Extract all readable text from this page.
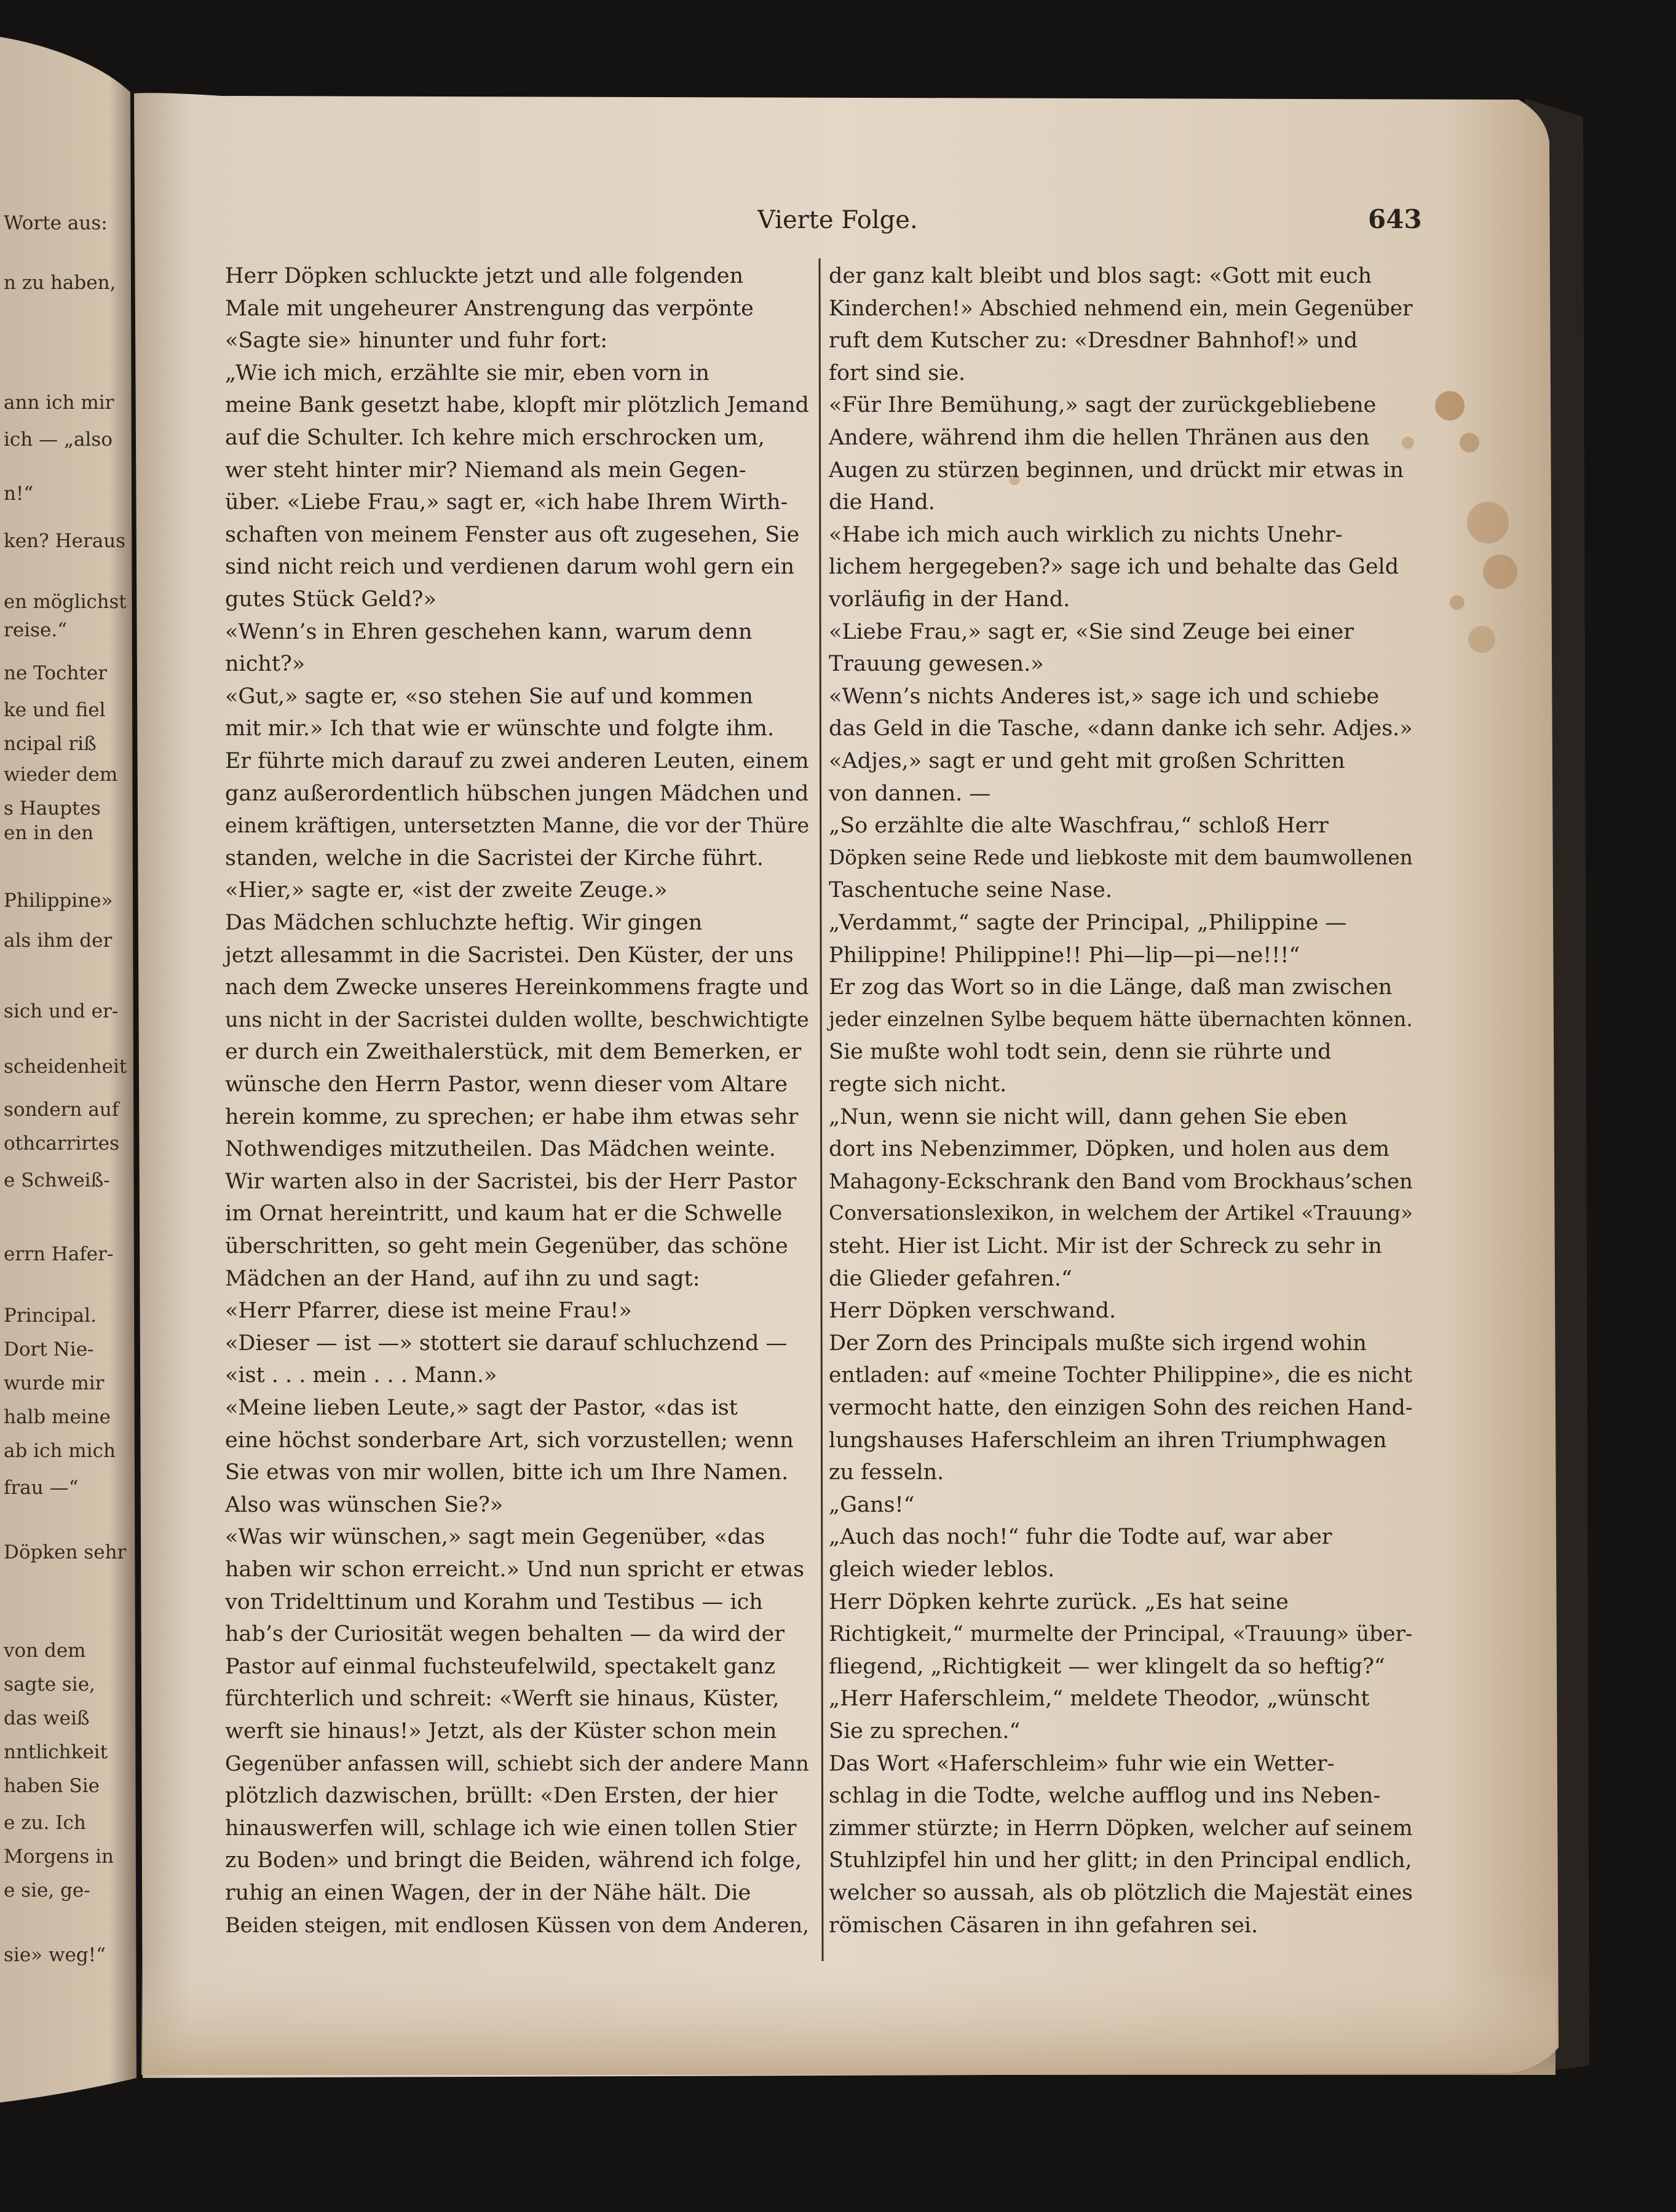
Vierte Folge.	643
Worte aus:
n zu haben,
ann ich mir
ich — „also
n!“
ken? Heraus
en möglichst
reise.“
ne Tochter
ke und fiel
ncipal riß
wieder dem
s Hauptes
en in den
Philippine»
als ihm der
sich und er-
scheidenheit
sondern auf
othcarrirtes
e Schweiß-
errn Hafer-
Principal.
Dort Nie-
wurde mir
halb meine
ab ich mich
frau —“
Döpken sehr
von dem
sagte sie,
das weiß
nntlichkeit
haben Sie
e zu. Ich
Morgens in
e sie, ge-
sie» weg!“
Herr Döpken schluckte jetzt und alle folgenden
Male mit ungeheurer Anstrengung das verpönte
«Sagte sie» hinunter und fuhr fort:
„Wie ich mich, erzählte sie mir, eben vorn in
meine Bank gesetzt habe, klopft mir plötzlich Jemand
auf die Schulter. Ich kehre mich erschrocken um,
wer steht hinter mir? Niemand als mein Gegen-
über. «Liebe Frau,» sagt er, «ich habe Ihrem Wirth-
schaften von meinem Fenster aus oft zugesehen, Sie
sind nicht reich und verdienen darum wohl gern ein
gutes Stück Geld?»
«Wenn’s in Ehren geschehen kann, warum denn
nicht?»
«Gut,» sagte er, «so stehen Sie auf und kommen
mit mir.» Ich that wie er wünschte und folgte ihm.
Er führte mich darauf zu zwei anderen Leuten, einem
ganz außerordentlich hübschen jungen Mädchen und
einem kräftigen, untersetzten Manne, die vor der Thüre
standen, welche in die Sacristei der Kirche führt.
«Hier,» sagte er, «ist der zweite Zeuge.»
Das Mädchen schluchzte heftig. Wir gingen
jetzt allesammt in die Sacristei. Den Küster, der uns
nach dem Zwecke unseres Hereinkommens fragte und
uns nicht in der Sacristei dulden wollte, beschwichtigte
er durch ein Zweithalerstück, mit dem Bemerken, er
wünsche den Herrn Pastor, wenn dieser vom Altare
herein komme, zu sprechen; er habe ihm etwas sehr
Nothwendiges mitzutheilen. Das Mädchen weinte.
Wir warten also in der Sacristei, bis der Herr Pastor
im Ornat hereintritt, und kaum hat er die Schwelle
überschritten, so geht mein Gegenüber, das schöne
Mädchen an der Hand, auf ihn zu und sagt:
«Herr Pfarrer, diese ist meine Frau!»
«Dieser — ist —» stottert sie darauf schluchzend —
«ist . . . mein . . . Mann.»
«Meine lieben Leute,» sagt der Pastor, «das ist
eine höchst sonderbare Art, sich vorzustellen; wenn
Sie etwas von mir wollen, bitte ich um Ihre Namen.
Also was wünschen Sie?»
«Was wir wünschen,» sagt mein Gegenüber, «das
haben wir schon erreicht.» Und nun spricht er etwas
von Tridelttinum und Korahm und Testibus — ich
hab’s der Curiosität wegen behalten — da wird der
Pastor auf einmal fuchsteufelwild, spectakelt ganz
fürchterlich und schreit: «Werft sie hinaus, Küster,
werft sie hinaus!» Jetzt, als der Küster schon mein
Gegenüber anfassen will, schiebt sich der andere Mann
plötzlich dazwischen, brüllt: «Den Ersten, der hier
hinauswerfen will, schlage ich wie einen tollen Stier
zu Boden» und bringt die Beiden, während ich folge,
ruhig an einen Wagen, der in der Nähe hält. Die
Beiden steigen, mit endlosen Küssen von dem Anderen,
der ganz kalt bleibt und blos sagt: «Gott mit euch
Kinderchen!» Abschied nehmend ein, mein Gegenüber
ruft dem Kutscher zu: «Dresdner Bahnhof!» und
fort sind sie.
«Für Ihre Bemühung,» sagt der zurückgebliebene
Andere, während ihm die hellen Thränen aus den
Augen zu stürzen beginnen, und drückt mir etwas in
die Hand.
«Habe ich mich auch wirklich zu nichts Unehr-
lichem hergegeben?» sage ich und behalte das Geld
vorläufig in der Hand.
«Liebe Frau,» sagt er, «Sie sind Zeuge bei einer
Trauung gewesen.»
«Wenn’s nichts Anderes ist,» sage ich und schiebe
das Geld in die Tasche, «dann danke ich sehr. Adjes.»
«Adjes,» sagt er und geht mit großen Schritten
von dannen. —
„So erzählte die alte Waschfrau,“ schloß Herr
Döpken seine Rede und liebkoste mit dem baumwollenen
Taschentuche seine Nase.
„Verdammt,“ sagte der Principal, „Philippine —
Philippine! Philippine!! Phi—lip—pi—ne!!!“
Er zog das Wort so in die Länge, daß man zwischen
jeder einzelnen Sylbe bequem hätte übernachten können.
Sie mußte wohl todt sein, denn sie rührte und
regte sich nicht.
„Nun, wenn sie nicht will, dann gehen Sie eben
dort ins Nebenzimmer, Döpken, und holen aus dem
Mahagony-Eckschrank den Band vom Brockhaus’schen
Conversationslexikon, in welchem der Artikel «Trauung»
steht. Hier ist Licht. Mir ist der Schreck zu sehr in
die Glieder gefahren.“
Herr Döpken verschwand.
Der Zorn des Principals mußte sich irgend wohin
entladen: auf «meine Tochter Philippine», die es nicht
vermocht hatte, den einzigen Sohn des reichen Hand-
lungshauses Haferschleim an ihren Triumphwagen
zu fesseln.
„Gans!“
„Auch das noch!“ fuhr die Todte auf, war aber
gleich wieder leblos.
Herr Döpken kehrte zurück. „Es hat seine
Richtigkeit,“ murmelte der Principal, «Trauung» über-
fliegend, „Richtigkeit — wer klingelt da so heftig?“
„Herr Haferschleim,“ meldete Theodor, „wünscht
Sie zu sprechen.“
Das Wort «Haferschleim» fuhr wie ein Wetter-
schlag in die Todte, welche aufflog und ins Neben-
zimmer stürzte; in Herrn Döpken, welcher auf seinem
Stuhlzipfel hin und her glitt; in den Principal endlich,
welcher so aussah, als ob plötzlich die Majestät eines
römischen Cäsaren in ihn gefahren sei.
